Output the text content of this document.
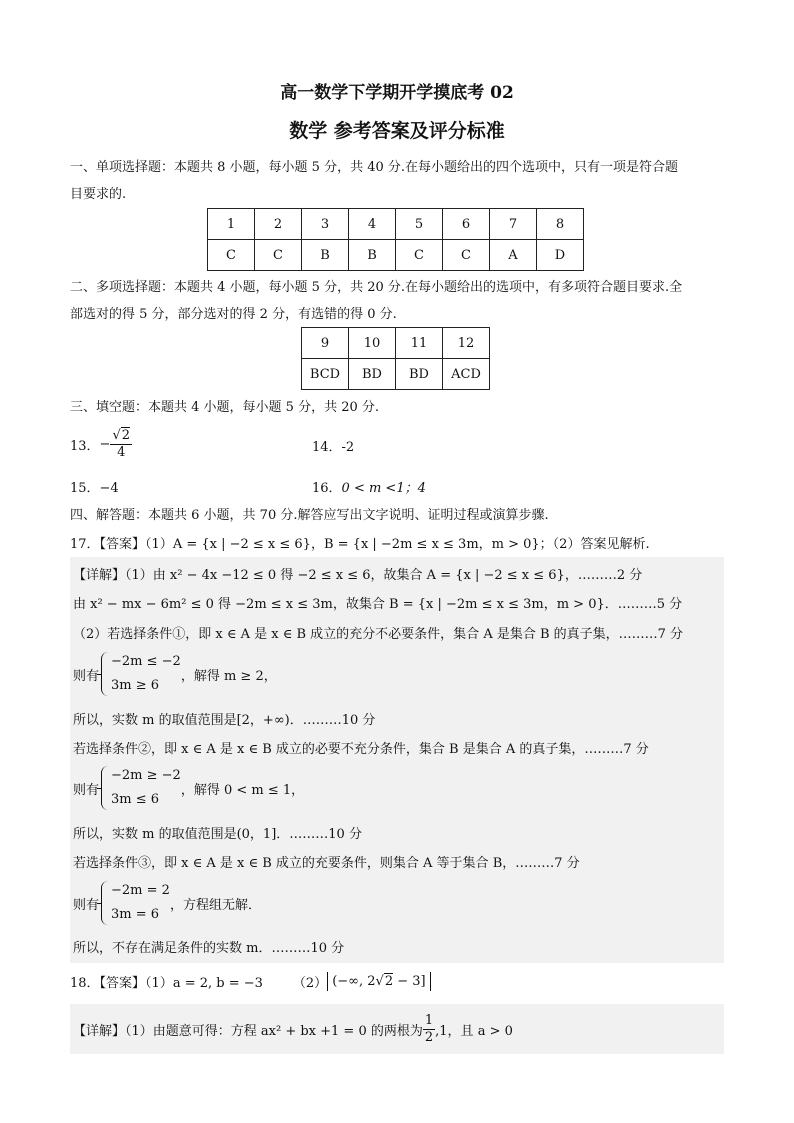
高一数学下学期开学摸底考 02
数学 参考答案及评分标准
一、单项选择题：本题共 8 小题，每小题 5 分，共 40 分.在每小题给出的四个选项中，只有一项是符合题
目要求的.
1	2	3	4	5	6	7	8
C	C	B	B	C	C	A	D
二、多项选择题：本题共 4 小题，每小题 5 分，共 20 分.在每小题给出的选项中，有多项符合题目要求.全
部选对的得 5 分，部分选对的得 2 分，有选错的得 0 分.
9	10	11	12
BCD	BD	BD	ACD
三、填空题：本题共 4 小题，每小题 5 分，共 20 分.
13． − $\frac{√2}{4}$	14．-2
15．−4	16．0 < m <1；4
四、解答题：本题共 6 小题，共 70 分.解答应写出文字说明、证明过程或演算步骤.
17．【答案】（1）A = {x | −2 ≤ x ≤ 6}，B = {x | −2m ≤ x ≤ 3m，m > 0}；（2）答案见解析.
【详解】（1）由 x² − 4x −12 ≤ 0 得 −2 ≤ x ≤ 6，故集合 A = {x | −2 ≤ x ≤ 6}，………2 分
由 x² − mx − 6m² ≤ 0 得 −2m ≤ x ≤ 3m，故集合 B = {x | −2m ≤ x ≤ 3m，m > 0}．………5 分
（2）若选择条件①，即 x ∈ A 是 x ∈ B 成立的充分不必要条件，集合 A 是集合 B 的真子集，………7 分
则有
−2m ≤ −2
3m ≥ 6
，解得 m ≥ 2，
所以，实数 m 的取值范围是[2，+∞)．………10 分
若选择条件②，即 x ∈ A 是 x ∈ B 成立的必要不充分条件，集合 B 是集合 A 的真子集，………7 分
则有
−2m ≥ −2
3m ≤ 6
，解得 0 < m ≤ 1，
所以，实数 m 的取值范围是(0，1]．………10 分
若选择条件③，即 x ∈ A 是 x ∈ B 成立的充要条件，则集合 A 等于集合 B，………7 分
则有
−2m = 2
3m = 6
，方程组无解．
所以，不存在满足条件的实数 m．………10 分
18．【答案】（1）a = 2, b = −3 （2） (−∞, 2√2 − 3]
【详解】（1）由题意可得：方程 ax² + bx +1 = 0 的两根为 $\frac{1}{2} ,1$，且 a > 0
